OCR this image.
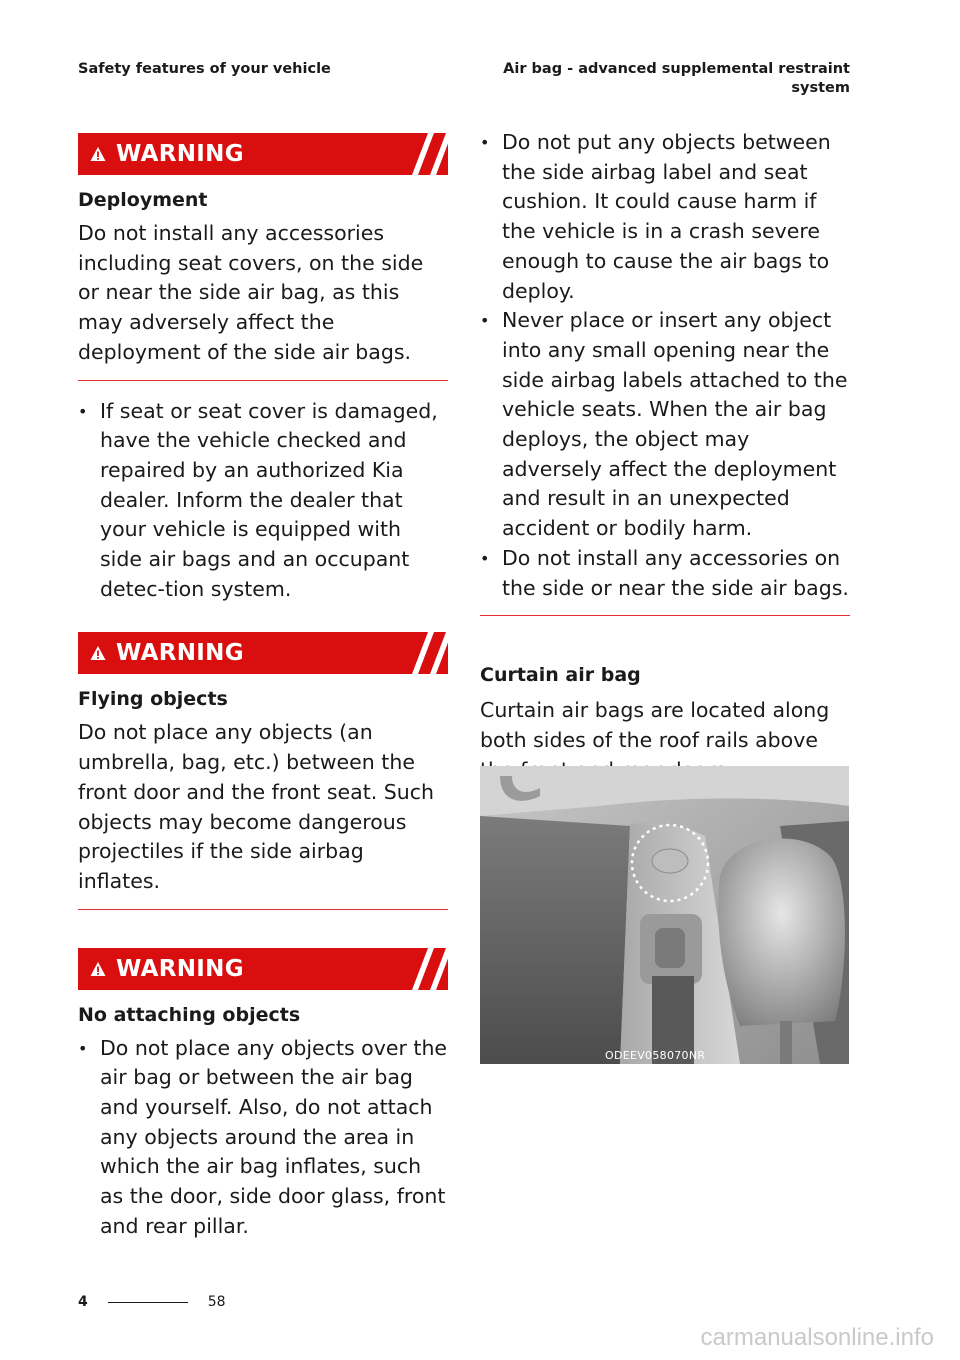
Safety features of your vehicle	Air bag - advanced supplemental restraint
system
WARNING
Deployment
Do not install any accessories including seat covers, on the side or near the side air bag, as this may adversely affect the deployment of the side air bags.
• If seat or seat cover is damaged, have the vehicle checked and repaired by an authorized Kia dealer. Inform the dealer that your vehicle is equipped with side air bags and an occupant detec-tion system.
WARNING
Flying objects
Do not place any objects (an umbrella, bag, etc.) between the front door and the front seat. Such objects may become dangerous projectiles if the side airbag inflates.
WARNING
No attaching objects
• Do not place any objects over the air bag or between the air bag and yourself. Also, do not attach any objects around the area in which the air bag inflates, such as the door, side door glass, front and rear pillar.
• Do not put any objects between the side airbag label and seat cushion. It could cause harm if the vehicle is in a crash severe enough to cause the air bags to deploy.
• Never place or insert any object into any small opening near the side airbag labels attached to the vehicle seats. When the air bag deploys, the object may adversely affect the deployment and result in an unexpected accident or bodily harm.
• Do not install any accessories on the side or near the side air bags.
Curtain air bag
Curtain air bags are located along both sides of the roof rails above
ODEEV058070NR
4	58
carmanualsonline.info
